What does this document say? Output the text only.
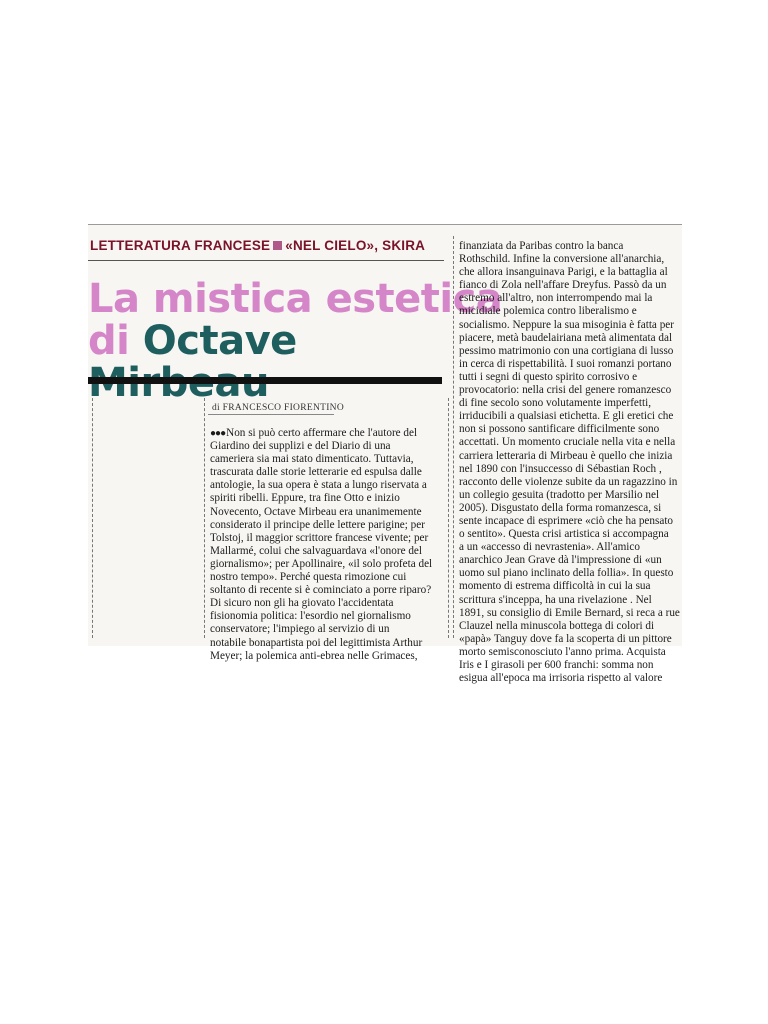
LETTERATURA FRANCESE «NEL CIELO», SKIRA
La mistica estetica
di Octave
di FRANCESCO FIORENTINO

●●●Non si può certo affermare che l'autore del
Giardino dei supplizi e del Diario di una
cameriera sia mai stato dimenticato. Tuttavia,
trascurata dalle storie letterarie ed espulsa dalle
antologie, la sua opera è stata a lungo riservata a
spiriti ribelli. Eppure, tra fine Otto e inizio
Novecento, Octave Mirbeau era unanimemente
considerato il principe delle lettere parigine; per
Tolstoj, il maggior scrittore francese vivente; per
Mallarmé, colui che salvaguardava «l'onore del
giornalismo»; per Apollinaire, «il solo profeta del
nostro tempo». Perché questa rimozione cui
soltanto di recente si è cominciato a porre riparo?
Di sicuro non gli ha giovato l'accidentata
fisionomia politica: l'esordio nel giornalismo
conservatore; l'impiego al servizio di un
notabile bonapartista poi del legittimista Arthur
Meyer; la polemica anti-ebrea nelle Grimaces,

finanziata da Paribas contro la banca
Rothschild. Infine la conversione all'anarchia,
che allora insanguinava Parigi, e la battaglia al
fianco di Zola nell'affare Dreyfus. Passò da un
estremo all'altro, non interrompendo mai la
micidiale polemica contro liberalismo e
socialismo. Neppure la sua misoginia è fatta per
piacere, metà baudelairiana metà alimentata dal
pessimo matrimonio con una cortigiana di lusso
in cerca di rispettabilità. I suoi romanzi portano
tutti i segni di questo spirito corrosivo e
provocatorio: nella crisi del genere romanzesco
di fine secolo sono volutamente imperfetti,
irriducibili a qualsiasi etichetta. E gli eretici che
non si possono santificare difficilmente sono
accettati. Un momento cruciale nella vita e nella
carriera letteraria di Mirbeau è quello che inizia
nel 1890 con l'insuccesso di Sébastian Roch ,
racconto delle violenze subite da un ragazzino in
un collegio gesuita (tradotto per Marsilio nel
2005). Disgustato della forma romanzesca, si
sente incapace di esprimere «ciò che ha pensato
o sentito». Questa crisi artistica si accompagna
a un «accesso di nevrastenia». All'amico
anarchico Jean Grave dà l'impressione di «un
uomo sul piano inclinato della follia». In questo
momento di estrema difficoltà in cui la sua
scrittura s'inceppa, ha una rivelazione . Nel
1891, su consiglio di Emile Bernard, si reca a rue
Clauzel nella minuscola bottega di colori di
«papà» Tanguy dove fa la scoperta di un pittore
morto semisconosciuto l'anno prima. Acquista
Iris e I girasoli per 600 franchi: somma non
esigua all'epoca ma irrisoria rispetto al valore
